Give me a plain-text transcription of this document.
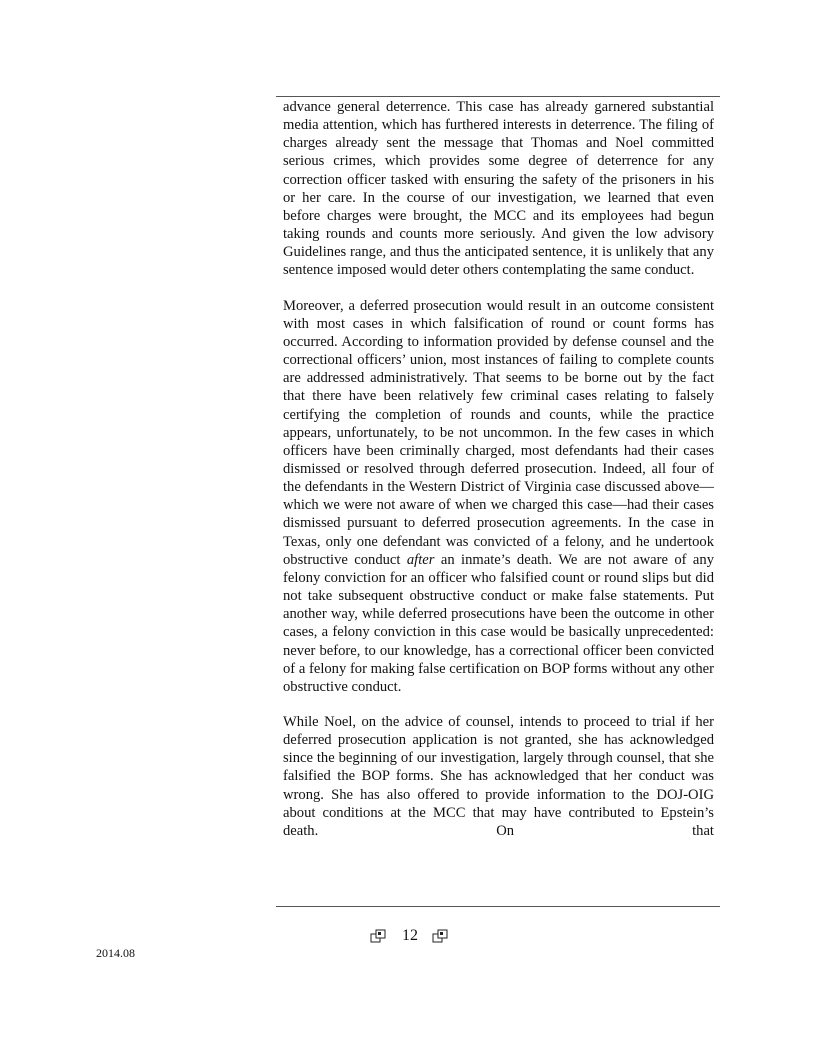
advance general deterrence. This case has already garnered substantial media attention, which has furthered interests in deterrence. The filing of charges already sent the message that Thomas and Noel committed serious crimes, which provides some degree of deterrence for any correction officer tasked with ensuring the safety of the prisoners in his or her care. In the course of our investigation, we learned that even before charges were brought, the MCC and its employees had begun taking rounds and counts more seriously. And given the low advisory Guidelines range, and thus the anticipated sentence, it is unlikely that any sentence imposed would deter others contemplating the same conduct.

Moreover, a deferred prosecution would result in an outcome consistent with most cases in which falsification of round or count forms has occurred. According to information provided by defense counsel and the correctional officers’ union, most instances of failing to complete counts are addressed administratively. That seems to be borne out by the fact that there have been relatively few criminal cases relating to falsely certifying the completion of rounds and counts, while the practice appears, unfortunately, to be not uncommon. In the few cases in which officers have been criminally charged, most defendants had their cases dismissed or resolved through deferred prosecution. Indeed, all four of the defendants in the Western District of Virginia case discussed above—which we were not aware of when we charged this case—had their cases dismissed pursuant to deferred prosecution agreements. In the case in Texas, only one defendant was convicted of a felony, and he undertook obstructive conduct after an inmate’s death. We are not aware of any felony conviction for an officer who falsified count or round slips but did not take subsequent obstructive conduct or make false statements. Put another way, while deferred prosecutions have been the outcome in other cases, a felony conviction in this case would be basically unprecedented: never before, to our knowledge, has a correctional officer been convicted of a felony for making false certification on BOP forms without any other obstructive conduct.

While Noel, on the advice of counsel, intends to proceed to trial if her deferred prosecution application is not granted, she has acknowledged since the beginning of our investigation, largely through counsel, that she falsified the BOP forms. She has acknowledged that her conduct was wrong. She has also offered to provide information to the DOJ-OIG about conditions at the MCC that may have contributed to Epstein’s death. On that

12
2014.08
